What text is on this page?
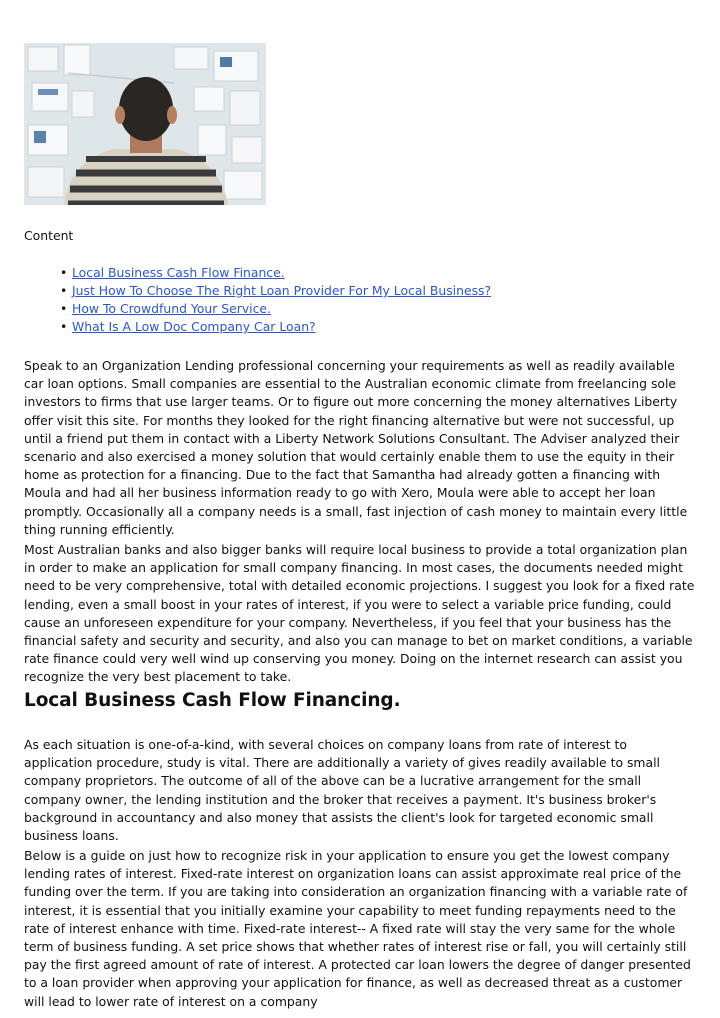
Content
• Local Business Cash Flow Finance.
• Just How To Choose The Right Loan Provider For My Local Business?
• How To Crowdfund Your Service.
• What Is A Low Doc Company Car Loan?

Speak to an Organization Lending professional concerning your requirements as well as readily available car loan options. Small companies are essential to the Australian economic climate from freelancing sole investors to firms that use larger teams. Or to figure out more concerning the money alternatives Liberty offer visit this site. For months they looked for the right financing alternative but were not successful, up until a friend put them in contact with a Liberty Network Solutions Consultant. The Adviser analyzed their scenario and also exercised a money solution that would certainly enable them to use the equity in their home as protection for a financing. Due to the fact that Samantha had already gotten a financing with Moula and had all her business information ready to go with Xero, Moula were able to accept her loan promptly. Occasionally all a company needs is a small, fast injection of cash money to maintain every little thing running efficiently.

Most Australian banks and also bigger banks will require local business to provide a total organization plan in order to make an application for small company financing. In most cases, the documents needed might need to be very comprehensive, total with detailed economic projections. I suggest you look for a fixed rate lending, even a small boost in your rates of interest, if you were to select a variable price funding, could cause an unforeseen expenditure for your company. Nevertheless, if you feel that your business has the financial safety and security and security, and also you can manage to bet on market conditions, a variable rate finance could very well wind up conserving you money. Doing on the internet research can assist you recognize the very best placement to take.

Local Business Cash Flow Financing.

As each situation is one-of-a-kind, with several choices on company loans from rate of interest to application procedure, study is vital. There are additionally a variety of gives readily available to small company proprietors. The outcome of all of the above can be a lucrative arrangement for the small company owner, the lending institution and the broker that receives a payment. It's business broker's background in accountancy and also money that assists the client's look for targeted economic small business loans.

Below is a guide on just how to recognize risk in your application to ensure you get the lowest company lending rates of interest. Fixed-rate interest on organization loans can assist approximate real price of the funding over the term. If you are taking into consideration an organization financing with a variable rate of interest, it is essential that you initially examine your capability to meet funding repayments need to the rate of interest enhance with time. Fixed-rate interest-- A fixed rate will stay the very same for the whole term of business funding. A set price shows that whether rates of interest rise or fall, you will certainly still pay the first agreed amount of rate of interest. A protected car loan lowers the degree of danger presented to a loan provider when approving your application for finance, as well as decreased threat as a customer will lead to lower rate of interest on a company
